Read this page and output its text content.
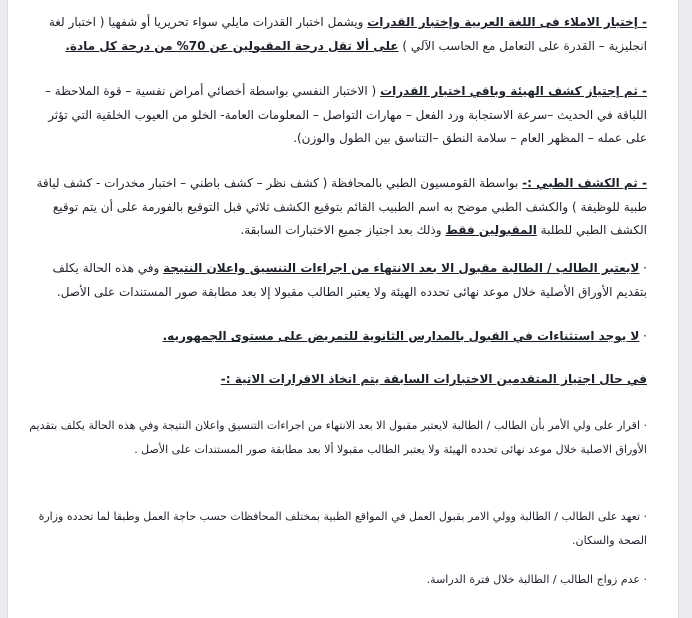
- إختبار الاملاء فى اللغة العربية وإختبار القدرات ويشمل اختبار القدرات مايلي سواء تحريريا أو شفهيا ( اختبار لغة انجليزية – القدرة على التعامل مع الحاسب الآلي ) على ألا تقل درجة المقبولين عن 70% من درجة كل مادة.

- ثم إجتياز كشف الهيئة وباقي اختبار القدرات ( الاختبار النفسي بواسطة أخصائي أمراض نفسية – قوة الملاحظة – اللباقة في الحديث –سرعة الاستجابة ورد الفعل – مهارات التواصل – المعلومات العامة- الخلو من العيوب الخلقية التي تؤثر على عمله – المظهر العام – سلامة النطق –التناسق بين الطول والوزن).

- ثم الكشف الطبي :- بواسطة القومسيون الطبي بالمحافظة ( كشف نظر – كشف باطني – اختبار مخدرات - كشف لياقة طبية للوظيفة ) والكشف الطبي موضح به اسم الطبيب القائم بتوقيع الكشف ثلاثي قبل التوقيع بالفورمة على أن يتم توقيع الكشف الطبي للطلبة المقبولين فقط وذلك بعد اجتياز جميع الاختبارات السابقة.

· لايعتبر الطالب / الطالبة مقبول الا بعد الانتهاء من اجراءات التنسيق واعلان النتيجة وفي هذه الحالة يكلف بتقديم الأوراق الأصلية خلال موعد نهائى تحدده الهيئة ولا يعتبر الطالب مقبولا إلا بعد مطابقة صور المستندات على الأصل.

· لا يوجد استثناءات في القبول بالمدارس الثانوية للتمريض على مستوى الجمهوريه.

في حال اجتياز المتقدمين الاختبارات السابقة يتم اتخاذ الاقرارات الاتية :-

· اقرار على ولي الأمر بأن الطالب / الطالبة لايعتبر مقبول الا بعد الانتهاء من اجراءات التنسيق واعلان النتيجة وفي هذه الحالة يكلف بتقديم الأوراق الاصلية خلال موعد نهائى تحدده الهيئة ولا يعتبر الطالب مقبولا ألا بعد مطابقة صور المستندات على الأصل .

· تعهد على الطالب / الطالبة وولي الامر بقبول العمل في المواقع الطبية بمختلف المحافظات حسب حاجة العمل وطبقا لما تحدده وزارة الصحة والسكان.

· عدم زواج الطالب / الطالبة خلال فترة الدراسة.
